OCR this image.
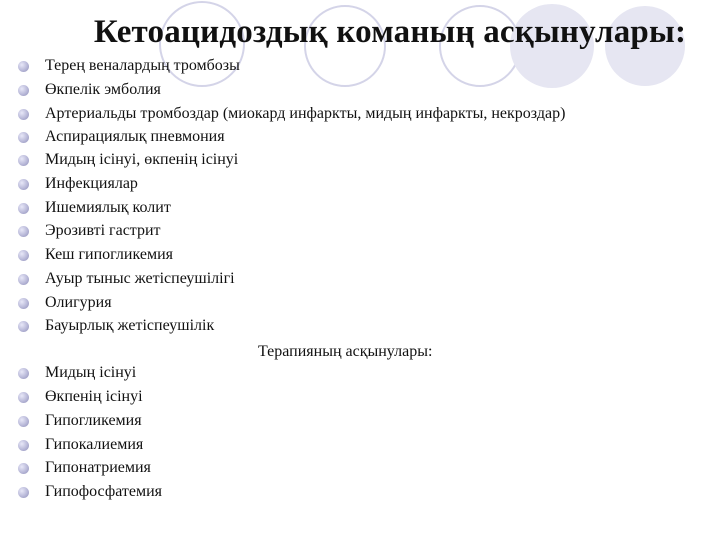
Кетоацидоздық команың асқынулары:
Терең веналардың тромбозы
Өкпелік эмболия
Артериальды тромбоздар (миокард инфаркты, мидың инфаркты, некроздар)
Аспирациялық пневмония
Мидың ісінуі, өкпенің ісінуі
Инфекциялар
Ишемиялық колит
Эрозивті гастрит
Кеш гипогликемия
Ауыр тыныс жетіспеушілігі
Олигурия
Бауырлық жетіспеушілік
Терапияның асқынулары:
Мидың ісінуі
Өкпенің ісінуі
Гипогликемия
Гипокалиемия
Гипонатриемия
Гипофосфатемия
